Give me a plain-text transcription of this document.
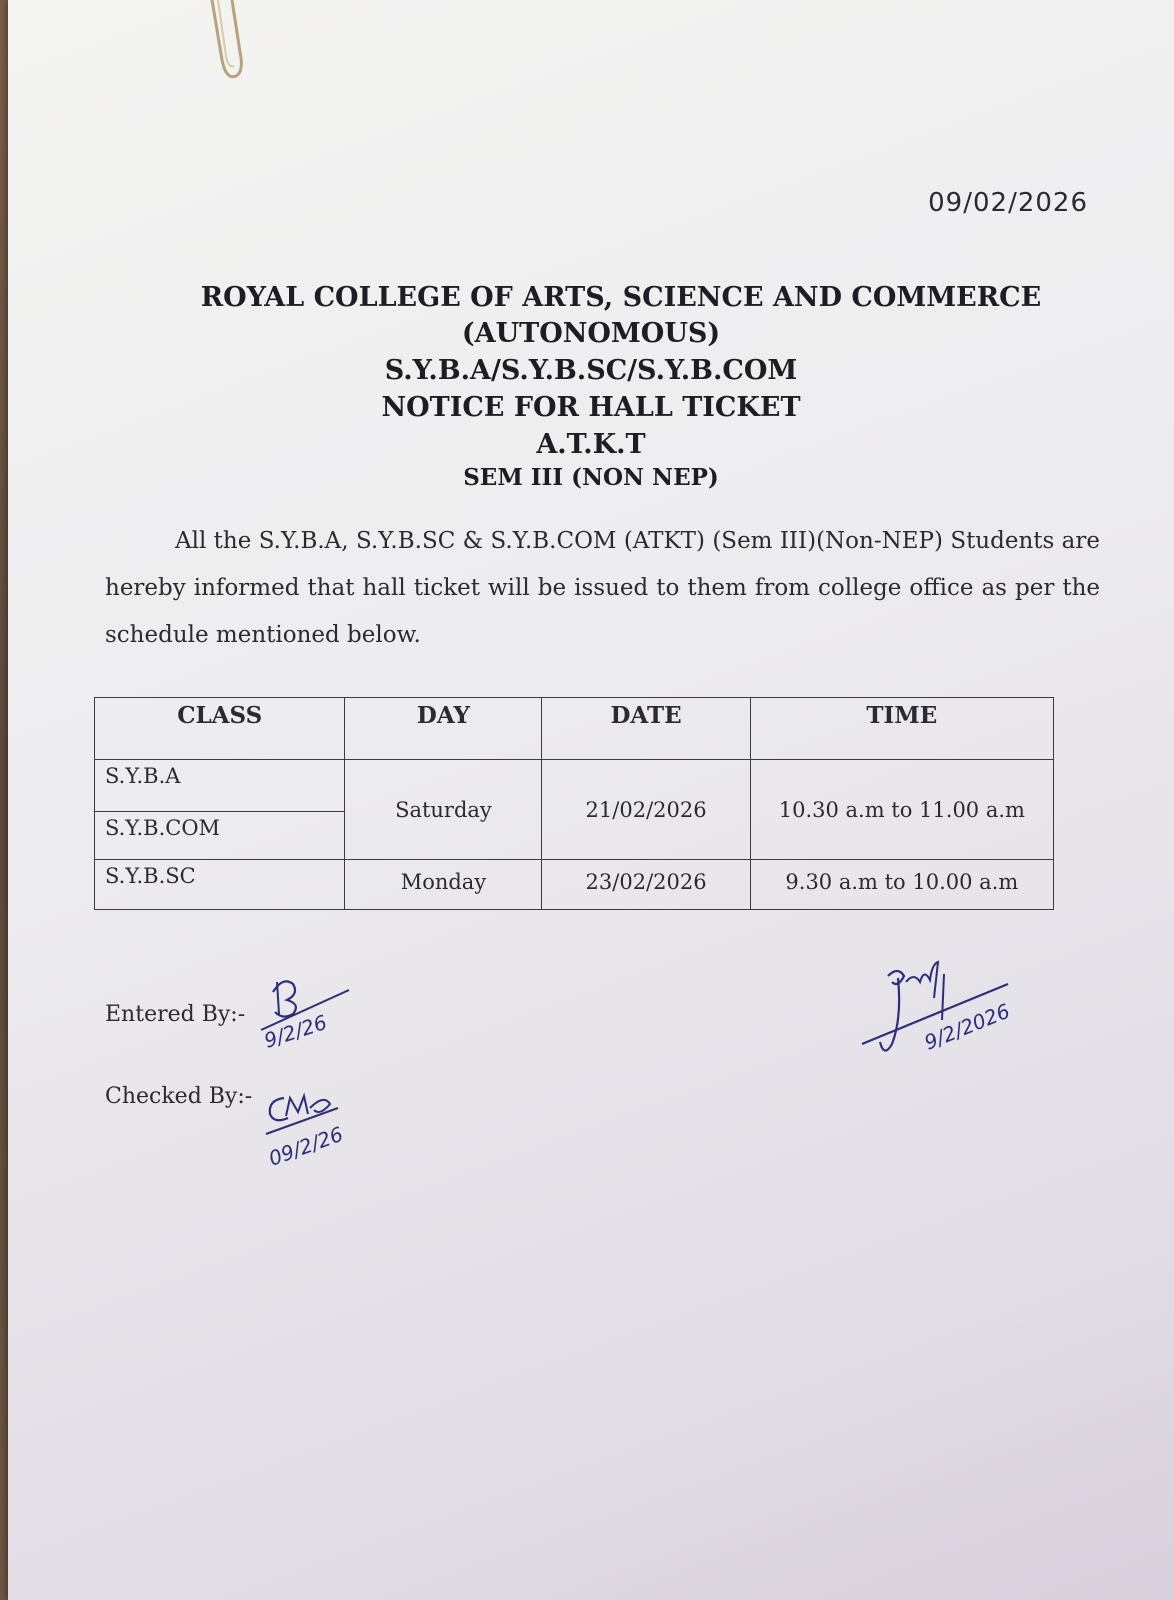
09/02/2026
ROYAL COLLEGE OF ARTS, SCIENCE AND COMMERCE
(AUTONOMOUS)
S.Y.B.A/S.Y.B.SC/S.Y.B.COM
NOTICE FOR HALL TICKET
A.T.K.T
SEM III (NON NEP)
All the S.Y.B.A, S.Y.B.SC & S.Y.B.COM (ATKT) (Sem III)(Non-NEP) Students are hereby informed that hall ticket will be issued to them from college office as per the schedule mentioned below.
CLASS	DAY	DATE	TIME
S.Y.B.A	Saturday	21/02/2026	10.30 a.m to 11.00 a.m
S.Y.B.COM			
S.Y.B.SC	Monday	23/02/2026	9.30 a.m to 10.00 a.m
Entered By:-
Checked By:-
9/2/26
09/2/26
9/2/2026
